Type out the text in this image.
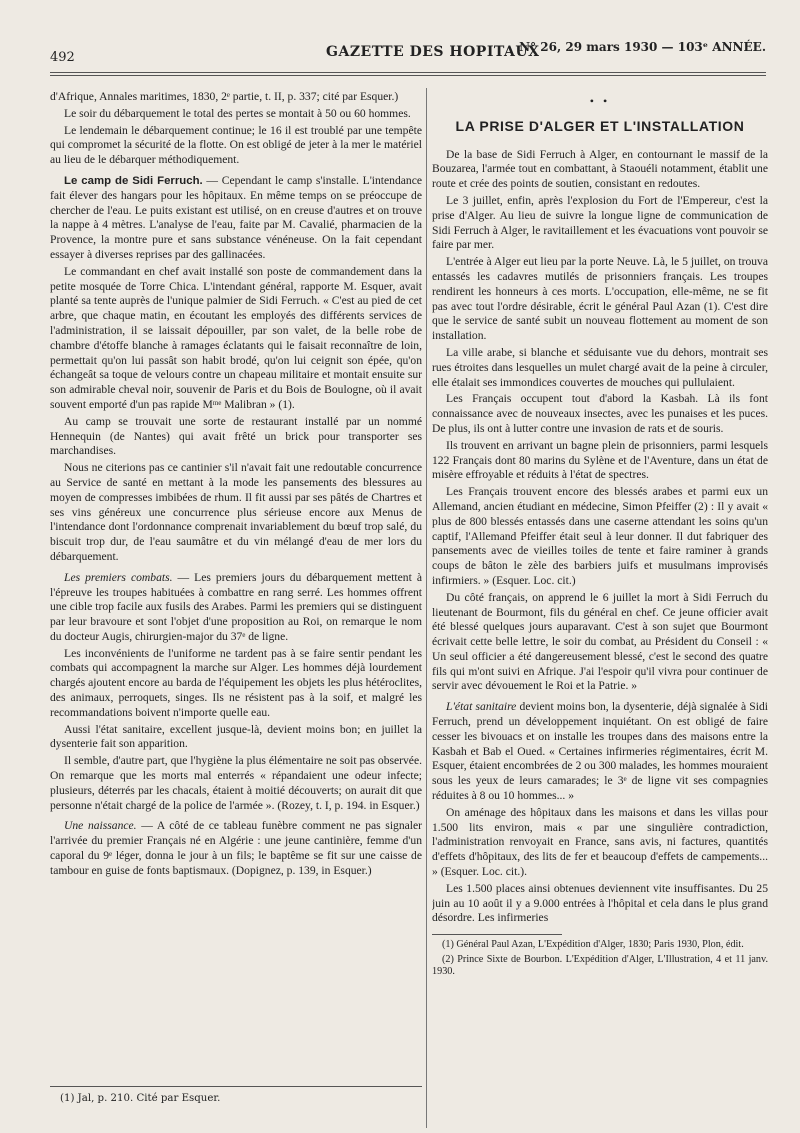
492	GAZETTE DES HOPITAUX
N° 26, 29 mars 1930 — 103ᵉ ANNÉE.

d'Afrique, Annales maritimes, 1830, 2ᵉ partie, t. II, p. 337; cité par Esquer.)

Le soir du débarquement le total des pertes se montait à 50 ou 60 hommes.

Le lendemain le débarquement continue; le 16 il est troublé par une tempête qui compromet la sécurité de la flotte. On est obligé de jeter à la mer le matériel au lieu de le débarquer méthodiquement.

Le camp de Sidi Ferruch. — Cependant le camp s'installe. L'intendance fait élever des hangars pour les hôpitaux. En même temps on se préoccupe de chercher de l'eau. Le puits existant est utilisé, on en creuse d'autres et on trouve la nappe à 4 mètres. L'analyse de l'eau, faite par M. Cavalié, pharmacien de la Provence, la montre pure et sans substance vénéneuse. On la fait cependant essayer à diverses reprises par des gallinacées.

Le commandant en chef avait installé son poste de commandement dans la petite mosquée de Torre Chica. L'intendant général, rapporte M. Esquer, avait planté sa tente auprès de l'unique palmier de Sidi Ferruch. « C'est au pied de cet arbre, que chaque matin, en écoutant les employés des différents services de l'administration, il se laissait dépouiller, par son valet, de la belle robe de chambre d'étoffe blanche à ramages éclatants qui le faisait reconnaître de loin, permettait qu'on lui passât son habit brodé, qu'on lui ceignit son épée, qu'on échangeât sa toque de velours contre un chapeau militaire et montait ensuite sur son admirable cheval noir, souvenir de Paris et du Bois de Boulogne, où il avait souvent emporté d'un pas rapide Mᵐᵉ Malibran » (1).

Au camp se trouvait une sorte de restaurant installé par un nommé Hennequin (de Nantes) qui avait frêté un brick pour transporter ses marchandises.

Nous ne citerions pas ce cantinier s'il n'avait fait une redoutable concurrence au Service de santé en mettant à la mode les pansements des blessures au moyen de compresses imbibées de rhum. Il fit aussi par ses pâtés de Chartres et ses vins généreux une concurrence plus sérieuse encore aux Menus de l'intendance dont l'ordonnance comprenait invariablement du bœuf trop salé, du biscuit trop dur, de l'eau saumâtre et du vin mélangé d'eau de mer lors du débarquement.

Les premiers combats. — Les premiers jours du débarquement mettent à l'épreuve les troupes habituées à combattre en rang serré. Les hommes offrent une cible trop facile aux fusils des Arabes. Parmi les premiers qui se distinguent par leur bravoure et sont l'objet d'une proposition au Roi, on remarque le nom du docteur Augis, chirurgien-major du 37ᵉ de ligne.

Les inconvénients de l'uniforme ne tardent pas à se faire sentir pendant les combats qui accompagnent la marche sur Alger. Les hommes déjà lourdement chargés ajoutent encore au barda de l'équipement les objets les plus hétéroclites, des animaux, perroquets, singes. Ils ne résistent pas à la soif, et malgré les recommandations boivent n'importe quelle eau.

Aussi l'état sanitaire, excellent jusque-là, devient moins bon; en juillet la dysenterie fait son apparition.

Il semble, d'autre part, que l'hygiène la plus élémentaire ne soit pas observée. On remarque que les morts mal enterrés « répandaient une odeur infecte; plusieurs, déterrés par les chacals, étaient à moitié découverts; on aurait dit que personne n'était chargé de la police de l'armée ». (Rozey, t. I, p. 194. in Esquer.)

Une naissance. — A côté de ce tableau funèbre comment ne pas signaler l'arrivée du premier Français né en Algérie : une jeune cantinière, femme d'un caporal du 9ᵉ léger, donna le jour à un fils; le baptême se fit sur une caisse de tambour en guise de fonts baptismaux. (Dopignez, p. 139, in Esquer.)

(1) Jal, p. 210. Cité par Esquer.

• •
LA PRISE D'ALGER ET L'INSTALLATION

De la base de Sidi Ferruch à Alger, en contournant le massif de la Bouzarea, l'armée tout en combattant, à Staouéli notamment, établit une route et crée des points de soutien, consistant en redoutes.

Le 3 juillet, enfin, après l'explosion du Fort de l'Empereur, c'est la prise d'Alger. Au lieu de suivre la longue ligne de communication de Sidi Ferruch à Alger, le ravitaillement et les évacuations vont pouvoir se faire par mer.

L'entrée à Alger eut lieu par la porte Neuve. Là, le 5 juillet, on trouva entassés les cadavres mutilés de prisonniers français. Les troupes rendirent les honneurs à ces morts. L'occupation, elle-même, ne se fit pas avec tout l'ordre désirable, écrit le général Paul Azan (1). C'est dire que le service de santé subit un nouveau flottement au moment de son installation.

La ville arabe, si blanche et séduisante vue du dehors, montrait ses rues étroites dans lesquelles un mulet chargé avait de la peine à circuler, elle étalait ses immondices couvertes de mouches qui pullulaient.

Les Français occupent tout d'abord la Kasbah. Là ils font connaissance avec de nouveaux insectes, avec les punaises et les puces. De plus, ils ont à lutter contre une invasion de rats et de souris.

Ils trouvent en arrivant un bagne plein de prisonniers, parmi lesquels 122 Français dont 80 marins du Sylène et de l'Aventure, dans un état de misère effroyable et réduits à l'état de spectres.

Les Français trouvent encore des blessés arabes et parmi eux un Allemand, ancien étudiant en médecine, Simon Pfeiffer (2) : Il y avait « plus de 800 blessés entassés dans une caserne attendant les soins qu'un captif, l'Allemand Pfeiffer était seul à leur donner. Il dut fabriquer des pansements avec de vieilles toiles de tente et faire raminer à grands coups de bâton le zèle des barbiers juifs et musulmans improvisés infirmiers. » (Esquer. Loc. cit.)

Du côté français, on apprend le 6 juillet la mort à Sidi Ferruch du lieutenant de Bourmont, fils du général en chef. Ce jeune officier avait été blessé quelques jours auparavant. C'est à son sujet que Bourmont écrivait cette belle lettre, le soir du combat, au Président du Conseil : « Un seul officier a été dangereusement blessé, c'est le second des quatre fils qui m'ont suivi en Afrique. J'ai l'espoir qu'il vivra pour continuer de servir avec dévouement le Roi et la Patrie. »

L'état sanitaire devient moins bon, la dysenterie, déjà signalée à Sidi Ferruch, prend un développement inquiétant. On est obligé de faire cesser les bivouacs et on installe les troupes dans des maisons entre la Kasbah et Bab el Oued. « Certaines infirmeries régimentaires, écrit M. Esquer, étaient encombrées de 2 ou 300 malades, les hommes mouraient sous les yeux de leurs camarades; le 3ᵉ de ligne vit ses compagnies réduites à 8 ou 10 hommes... »

On aménage des hôpitaux dans les maisons et dans les villas pour 1.500 lits environ, mais « par une singulière contradiction, l'administration renvoyait en France, sans avis, ni factures, quantités d'effets d'hôpitaux, des lits de fer et beaucoup d'effets de campements... » (Esquer. Loc. cit.).

Les 1.500 places ainsi obtenues deviennent vite insuffisantes. Du 25 juin au 10 août il y a 9.000 entrées à l'hôpital et cela dans le plus grand désordre. Les infirmeries

(1) Général Paul Azan, L'Expédition d'Alger, 1830; Paris 1930, Plon, édit.

(2) Prince Sixte de Bourbon. L'Expédition d'Alger, L'Illustration, 4 et 11 janv. 1930.
